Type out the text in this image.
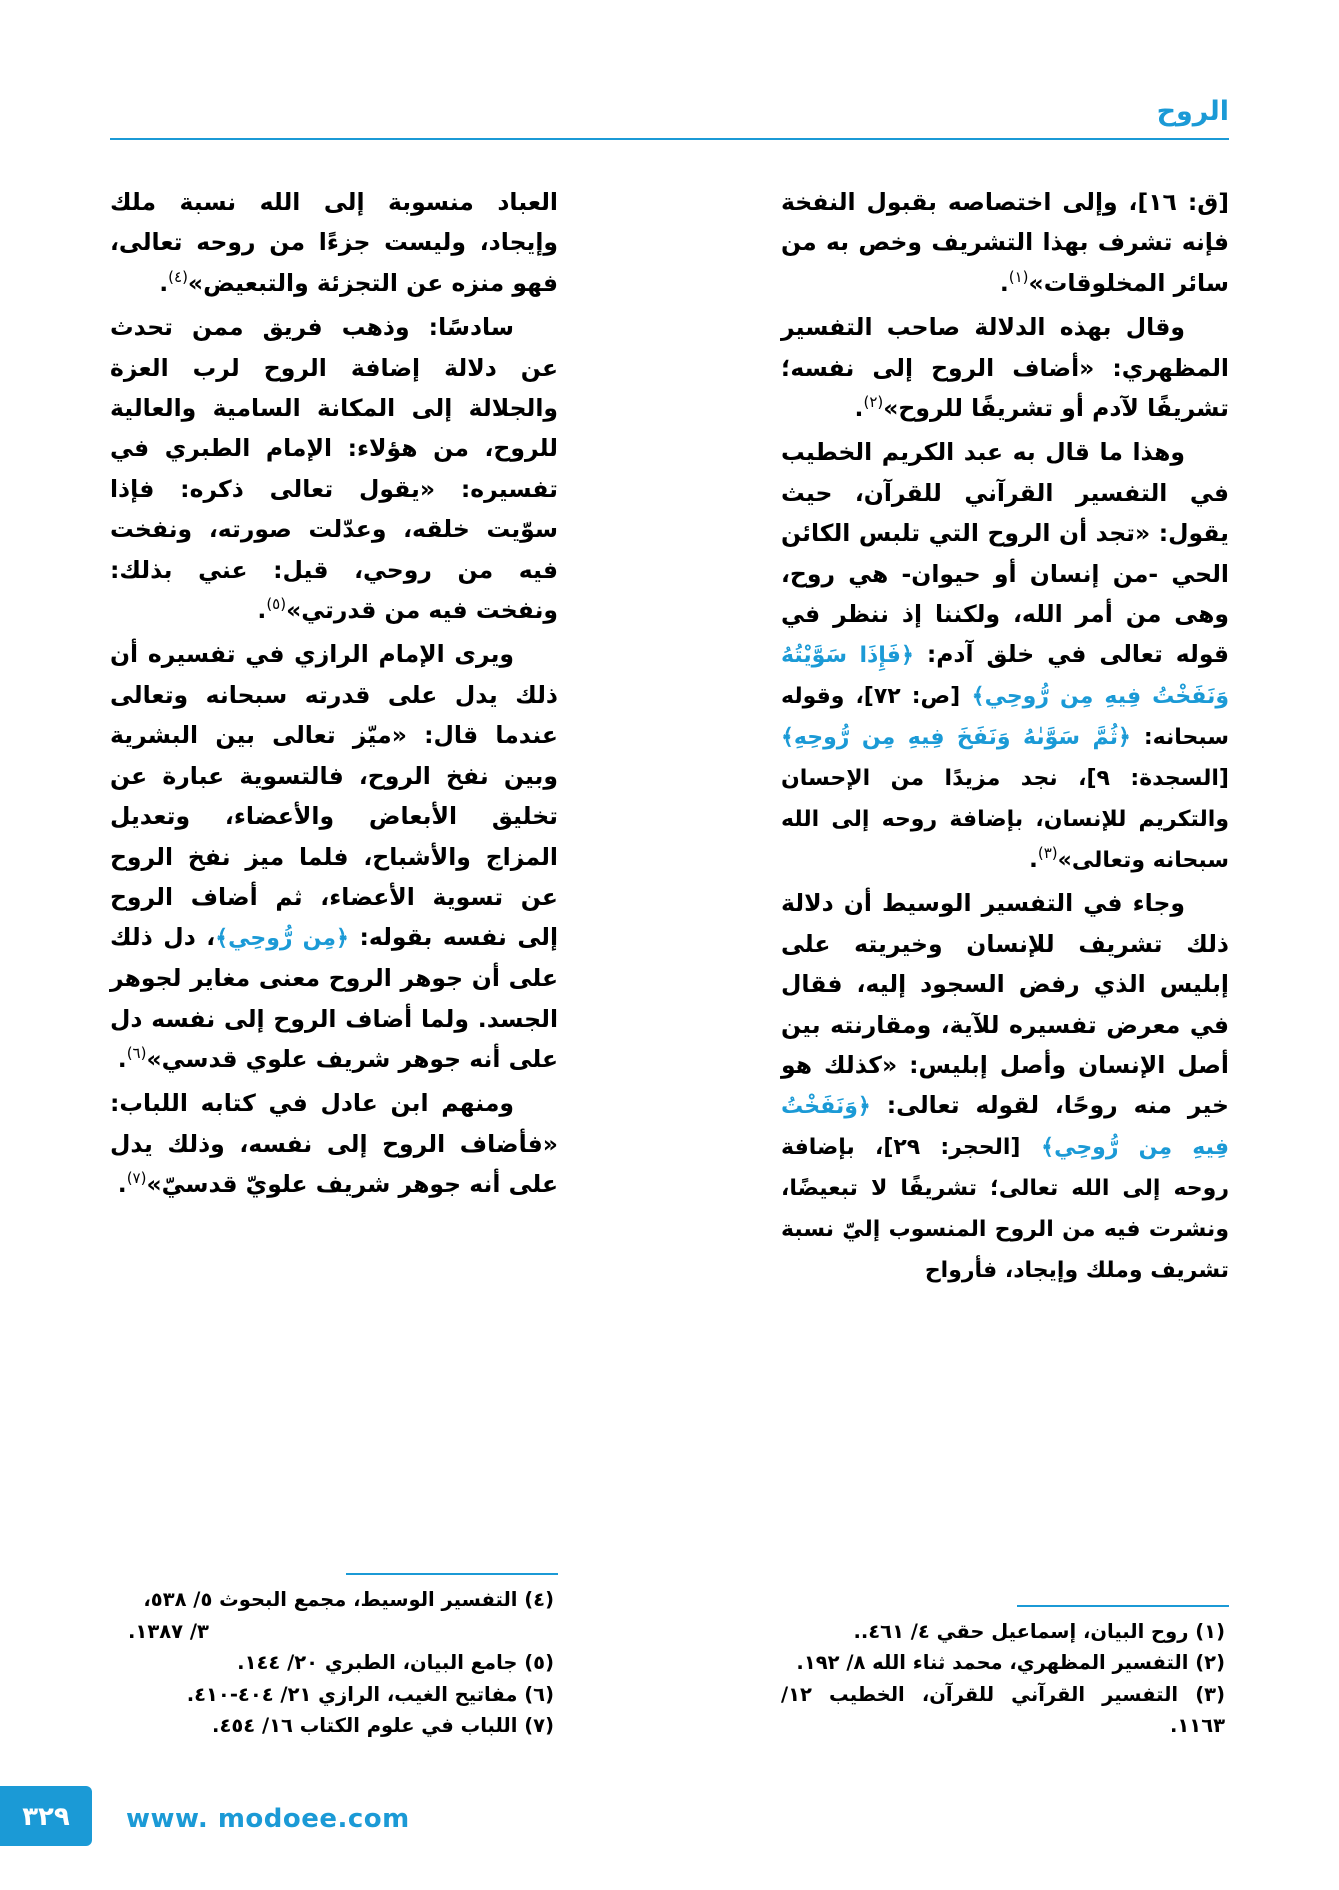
الروح

[ق: ١٦]، وإلى اختصاصه بقبول النفخة فإنه تشرف بهذا التشريف وخص به من سائر المخلوقات»$^{(١)}$.

وقال بهذه الدلالة صاحب التفسير المظهري: «أضاف الروح إلى نفسه؛ تشريفًا لآدم أو تشريفًا للروح»$^{(٢)}$.

وهذا ما قال به عبد الكريم الخطيب في التفسير القرآني للقرآن، حيث يقول: «تجد أن الروح التي تلبس الكائن الحي -من إنسان أو حيوان- هي روح، وهى من أمر الله، ولكننا إذ ننظر في قوله تعالى في خلق آدم: ﴿فَإِذَا سَوَّيْتُهُ وَنَفَخْتُ فِيهِ مِن رُّوحِي﴾ [ص: ٧٢]، وقوله سبحانه: ﴿ثُمَّ سَوَّىٰهُ وَنَفَخَ فِيهِ مِن رُّوحِهِ﴾ [السجدة: ٩]، نجد مزيدًا من الإحسان والتكريم للإنسان، بإضافة روحه إلى الله سبحانه وتعالى»$^{(٣)}$.

وجاء في التفسير الوسيط أن دلالة ذلك تشريف للإنسان وخيريته على إبليس الذي رفض السجود إليه، فقال في معرض تفسيره للآية، ومقارنته بين أصل الإنسان وأصل إبليس: «كذلك هو خير منه روحًا، لقوله تعالى: ﴿وَنَفَخْتُ فِيهِ مِن رُّوحِي﴾ [الحجر: ٢٩]، بإضافة روحه إلى الله تعالى؛ تشريفًا لا تبعيضًا، ونشرت فيه من الروح المنسوب إليّ نسبة تشريف وملك وإيجاد، فأرواح

العباد منسوبة إلى الله نسبة ملك وإيجاد، وليست جزءًا من روحه تعالى، فهو منزه عن التجزئة والتبعيض»$^{(٤)}$.

سادسًا: وذهب فريق ممن تحدث عن دلالة إضافة الروح لرب العزة والجلالة إلى المكانة السامية والعالية للروح، من هؤلاء: الإمام الطبري في تفسيره: «يقول تعالى ذكره: فإذا سوّيت خلقه، وعدّلت صورته، ونفخت فيه من روحي، قيل: عني بذلك: ونفخت فيه من قدرتي»$^{(٥)}$.

ويرى الإمام الرازي في تفسيره أن ذلك يدل على قدرته سبحانه وتعالى عندما قال: «ميّز تعالى بين البشرية وبين نفخ الروح، فالتسوية عبارة عن تخليق الأبعاض والأعضاء، وتعديل المزاج والأشباح، فلما ميز نفخ الروح عن تسوية الأعضاء، ثم أضاف الروح إلى نفسه بقوله: ﴿مِن رُّوحِي﴾، دل ذلك على أن جوهر الروح معنى مغاير لجوهر الجسد. ولما أضاف الروح إلى نفسه دل على أنه جوهر شريف علوي قدسي»$^{(٦)}$.

ومنهم ابن عادل في كتابه اللباب: «فأضاف الروح إلى نفسه، وذلك يدل على أنه جوهر شريف علويّ قدسيّ»$^{(٧)}$.

(١) روح البيان، إسماعيل حقي ٤/ ٤٦١..
(٢) التفسير المظهري، محمد ثناء الله ٨/ ١٩٢.
(٣) التفسير القرآني للقرآن، الخطيب ١٢/ ١١٦٣.
(٤) التفسير الوسيط، مجمع البحوث ٥/ ٥٣٨،
٣/ ١٣٨٧.
(٥) جامع البيان، الطبري ٢٠/ ١٤٤.
(٦) مفاتيح الغيب، الرازي ٢١/ ٤٠٤-٤١٠.
(٧) اللباب في علوم الكتاب ١٦/ ٤٥٤.
٣٢٩	www. modoee.com
